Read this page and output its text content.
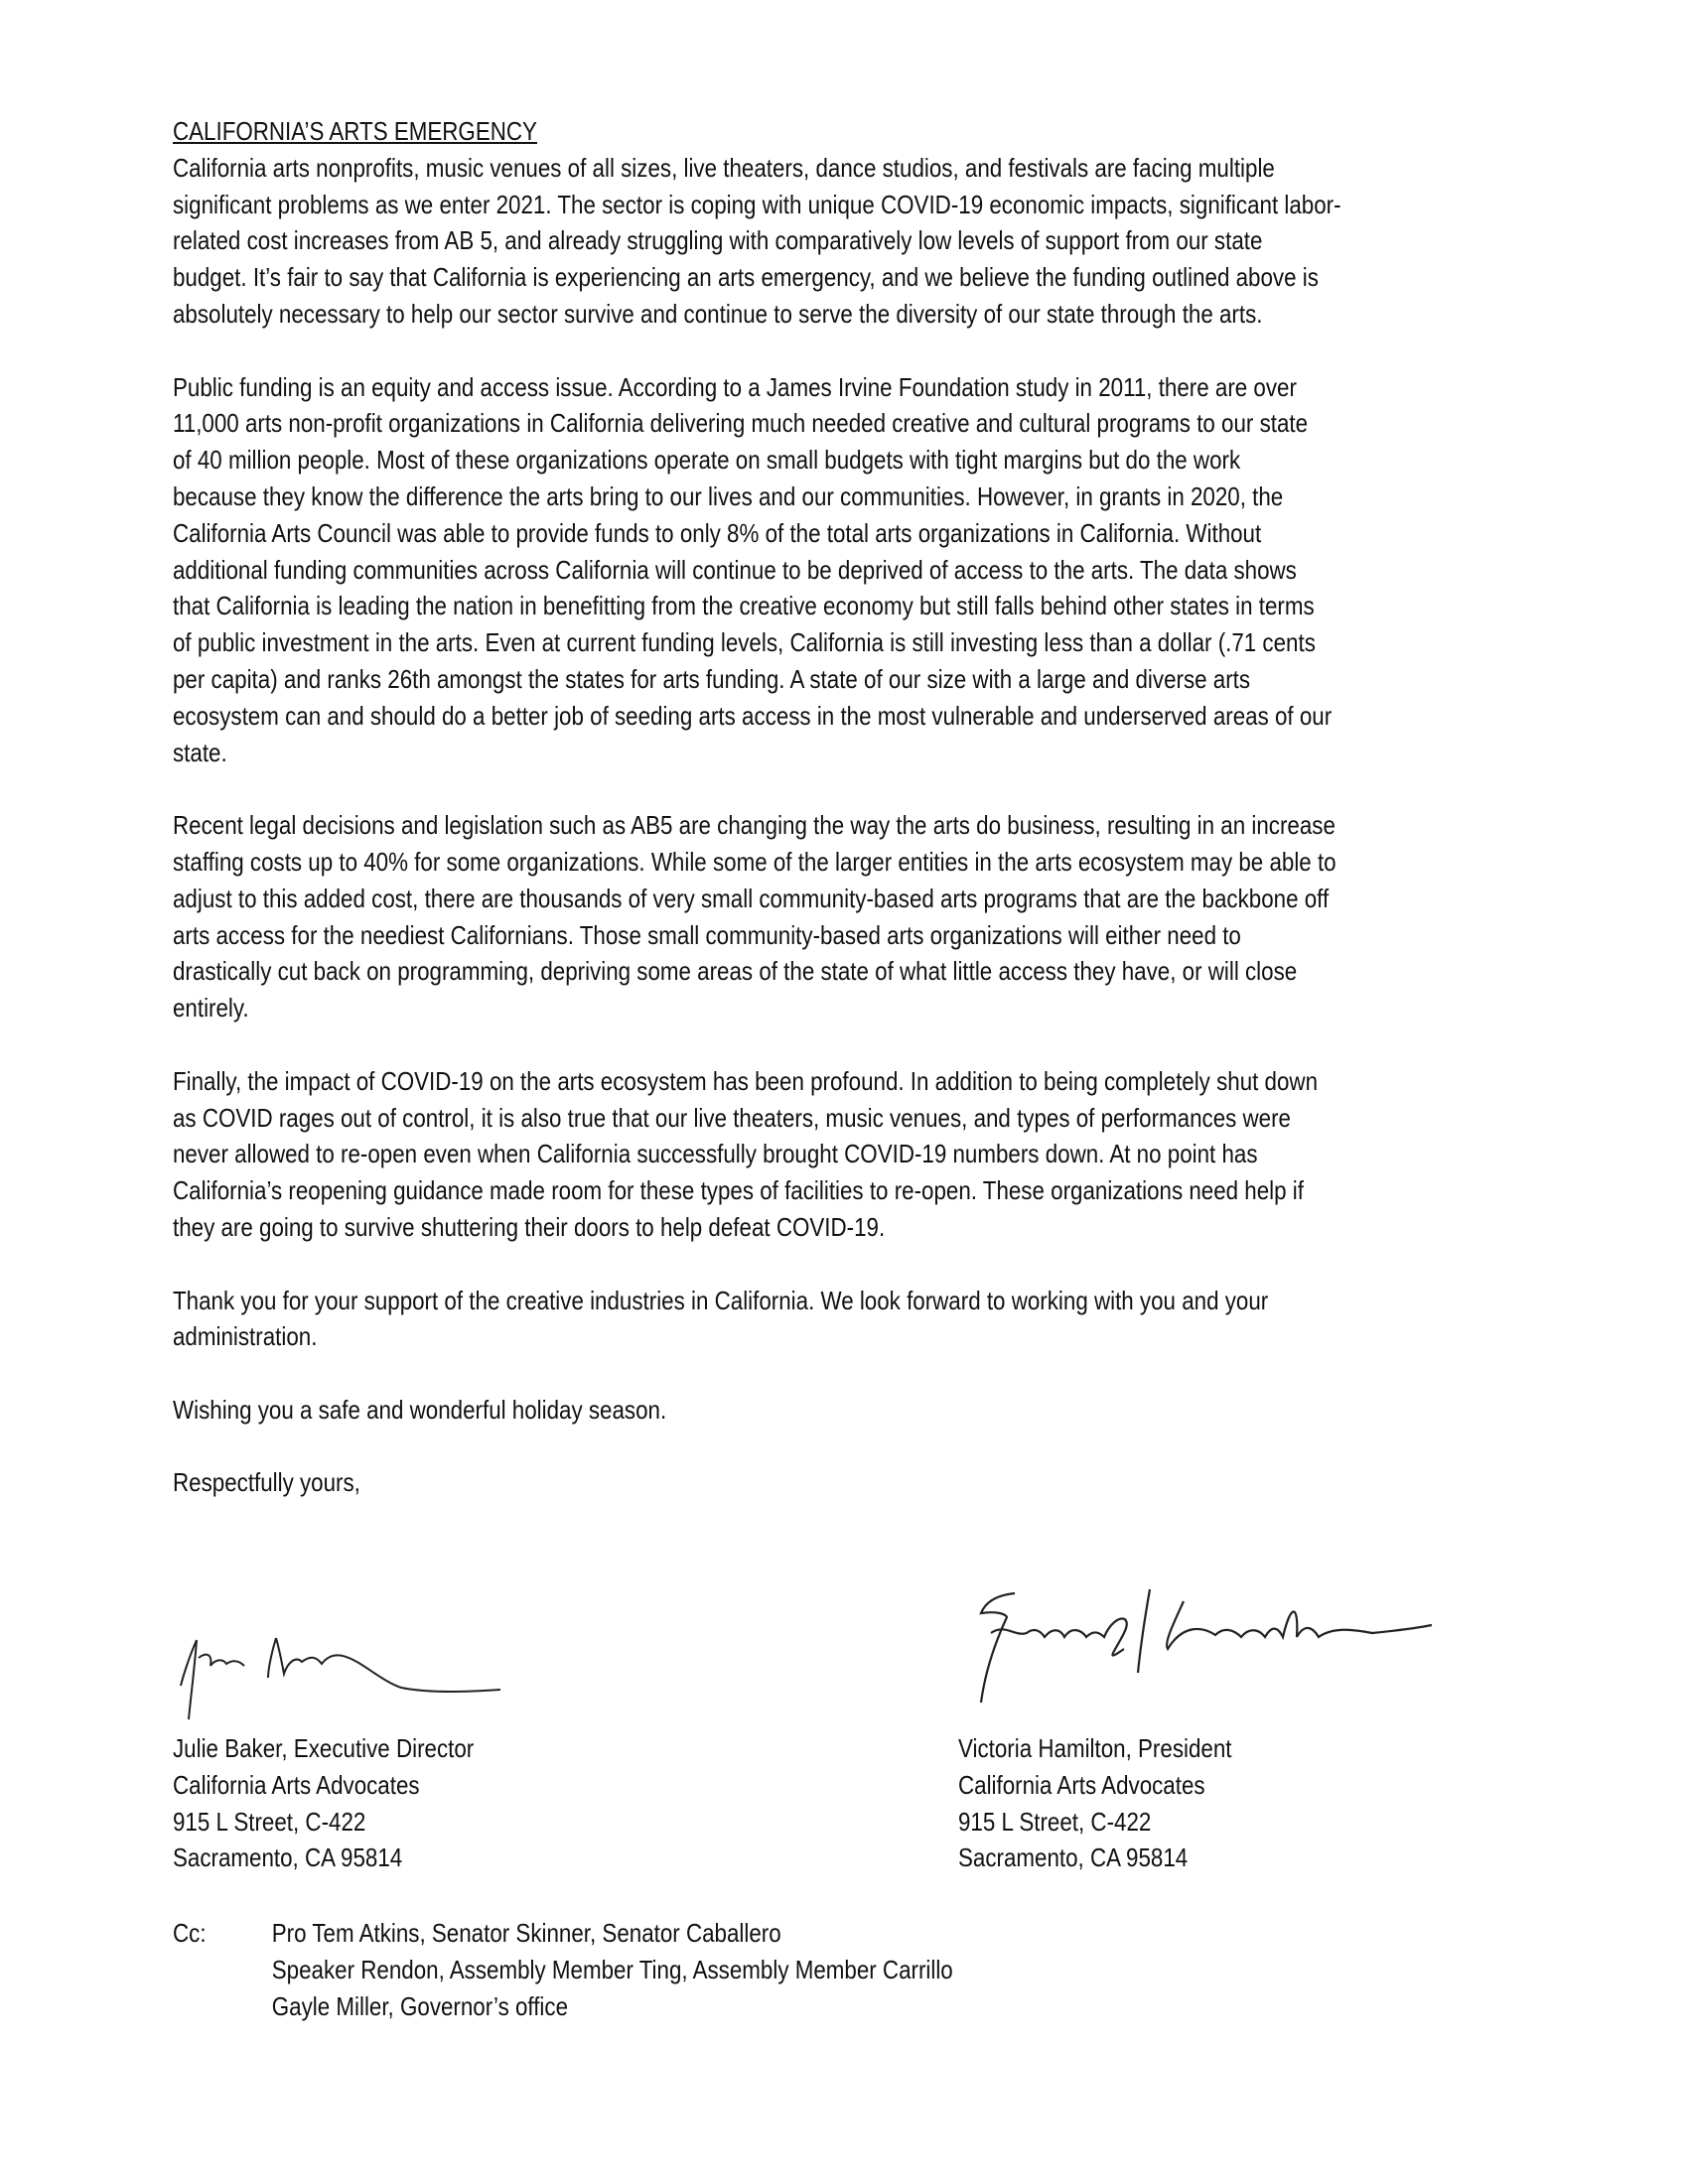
CALIFORNIA’S ARTS EMERGENCY
California arts nonprofits, music venues of all sizes, live theaters, dance studios, and festivals are facing multiple
significant problems as we enter 2021. The sector is coping with unique COVID-19 economic impacts, significant labor-
related cost increases from AB 5, and already struggling with comparatively low levels of support from our state
budget. It’s fair to say that California is experiencing an arts emergency, and we believe the funding outlined above is
absolutely necessary to help our sector survive and continue to serve the diversity of our state through the arts.
Public funding is an equity and access issue. According to a James Irvine Foundation study in 2011, there are over
11,000 arts non-profit organizations in California delivering much needed creative and cultural programs to our state
of 40 million people. Most of these organizations operate on small budgets with tight margins but do the work
because they know the difference the arts bring to our lives and our communities. However, in grants in 2020, the
California Arts Council was able to provide funds to only 8% of the total arts organizations in California. Without
additional funding communities across California will continue to be deprived of access to the arts. The data shows
that California is leading the nation in benefitting from the creative economy but still falls behind other states in terms
of public investment in the arts. Even at current funding levels, California is still investing less than a dollar (.71 cents
per capita) and ranks 26th amongst the states for arts funding. A state of our size with a large and diverse arts
ecosystem can and should do a better job of seeding arts access in the most vulnerable and underserved areas of our
state.
Recent legal decisions and legislation such as AB5 are changing the way the arts do business, resulting in an increase
staffing costs up to 40% for some organizations. While some of the larger entities in the arts ecosystem may be able to
adjust to this added cost, there are thousands of very small community-based arts programs that are the backbone off
arts access for the neediest Californians. Those small community-based arts organizations will either need to
drastically cut back on programming, depriving some areas of the state of what little access they have, or will close
entirely.
Finally, the impact of COVID-19 on the arts ecosystem has been profound. In addition to being completely shut down
as COVID rages out of control, it is also true that our live theaters, music venues, and types of performances were
never allowed to re-open even when California successfully brought COVID-19 numbers down. At no point has
California’s reopening guidance made room for these types of facilities to re-open. These organizations need help if
they are going to survive shuttering their doors to help defeat COVID-19.
Thank you for your support of the creative industries in California. We look forward to working with you and your
administration.
Wishing you a safe and wonderful holiday season.
Respectfully yours,
Julie Baker, Executive Director
California Arts Advocates
915 L Street, C-422
Sacramento, CA 95814
Victoria Hamilton, President
California Arts Advocates
915 L Street, C-422
Sacramento, CA 95814
Cc:	Pro Tem Atkins, Senator Skinner, Senator Caballero
Speaker Rendon, Assembly Member Ting, Assembly Member Carrillo
Gayle Miller, Governor’s office
